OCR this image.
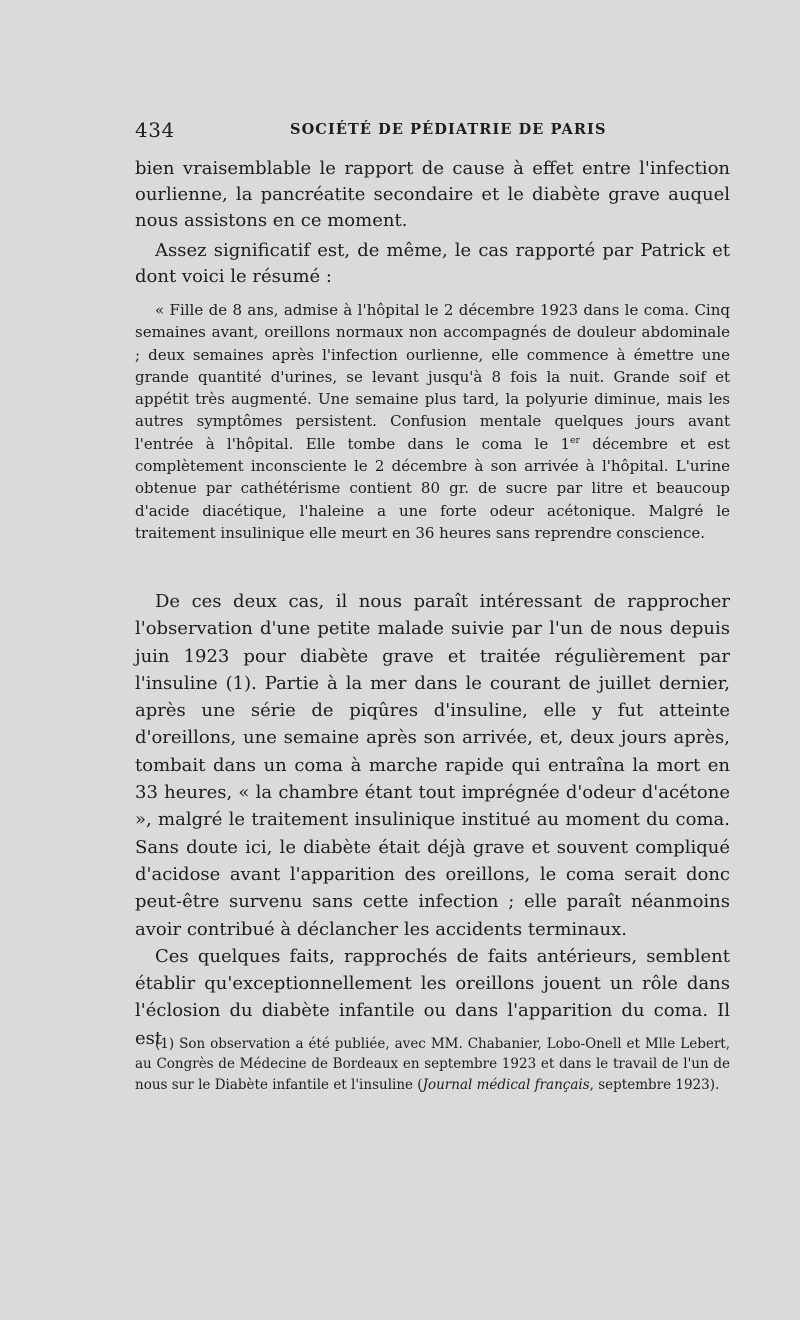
434	SOCIÉTÉ DE PÉDIATRIE DE PARIS

bien vraisemblable le rapport de cause à effet entre l'infection ourlienne, la pancréatite secondaire et le diabète grave auquel nous assistons en ce moment.

Assez significatif est, de même, le cas rapporté par Patrick et dont voici le résumé :

« Fille de 8 ans, admise à l'hôpital le 2 décembre 1923 dans le coma. Cinq semaines avant, oreillons normaux non accompagnés de douleur abdominale ; deux semaines après l'infection ourlienne, elle commence à émettre une grande quantité d'urines, se levant jusqu'à 8 fois la nuit. Grande soif et appétit très augmenté. Une semaine plus tard, la polyurie diminue, mais les autres symptômes persistent. Confusion mentale quelques jours avant l'entrée à l'hôpital. Elle tombe dans le coma le 1er décembre et est complètement inconsciente le 2 décembre à son arrivée à l'hôpital. L'urine obtenue par cathétérisme contient 80 gr. de sucre par litre et beaucoup d'acide diacétique, l'haleine a une forte odeur acétonique. Malgré le traitement insulinique elle meurt en 36 heures sans reprendre conscience.

De ces deux cas, il nous paraît intéressant de rapprocher l'observation d'une petite malade suivie par l'un de nous depuis juin 1923 pour diabète grave et traitée régulièrement par l'insuline (1). Partie à la mer dans le courant de juillet dernier, après une série de piqûres d'insuline, elle y fut atteinte d'oreillons, une semaine après son arrivée, et, deux jours après, tombait dans un coma à marche rapide qui entraîna la mort en 33 heures, « la chambre étant tout imprégnée d'odeur d'acétone », malgré le traitement insulinique institué au moment du coma. Sans doute ici, le diabète était déjà grave et souvent compliqué d'acidose avant l'apparition des oreillons, le coma serait donc peut-être survenu sans cette infection ; elle paraît néanmoins avoir contribué à déclancher les accidents terminaux.

Ces quelques faits, rapprochés de faits antérieurs, semblent établir qu'exceptionnellement les oreillons jouent un rôle dans l'éclosion du diabète infantile ou dans l'apparition du coma. Il est

(1) Son observation a été publiée, avec MM. Chabanier, Lobo-Onell et Mlle Lebert, au Congrès de Médecine de Bordeaux en septembre 1923 et dans le travail de l'un de nous sur le Diabète infantile et l'insuline (Journal médical français, septembre 1923).
